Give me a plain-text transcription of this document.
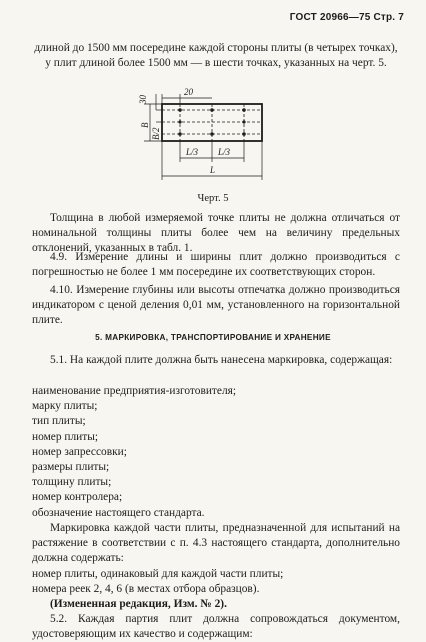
ГОСТ 20966—75 Стр. 7

длиной до 1500 мм посередине каждой стороны плиты (в четырех точках), у плит длиной более 1500 мм — в шести точках, указанных на черт. 5.

20
30
B
B/2
L/3 L/3
L
Черт. 5

Толщина в любой измеряемой точке плиты не должна отличаться от номинальной толщины плиты более чем на величину предельных отклонений, указанных в табл. 1.

4.9. Измерение длины и ширины плит должно производиться с погрешностью не более 1 мм посередине их соответствующих сторон.

4.10. Измерение глубины или высоты отпечатка должно производиться индикатором с ценой деления 0,01 мм, установленного на горизонтальной плите.

5. МАРКИРОВКА, ТРАНСПОРТИРОВАНИЕ И ХРАНЕНИЕ

5.1. На каждой плите должна быть нанесена маркировка, содержащая:

наименование предприятия-изготовителя;
марку плиты;
тип плиты;
номер плиты;
номер запрессовки;
размеры плиты;
толщину плиты;
номер контролера;
обозначение настоящего стандарта.

Маркировка каждой части плиты, предназначенной для испытаний на растяжение в соответствии с п. 4.3 настоящего стандарта, дополнительно должна содержать:

номер плиты, одинаковый для каждой части плиты;
номера реек 2, 4, 6 (в местах отбора образцов).

(Измененная редакция, Изм. № 2).

5.2. Каждая партия плит должна сопровождаться документом, удостоверяющим их качество и содержащим:
